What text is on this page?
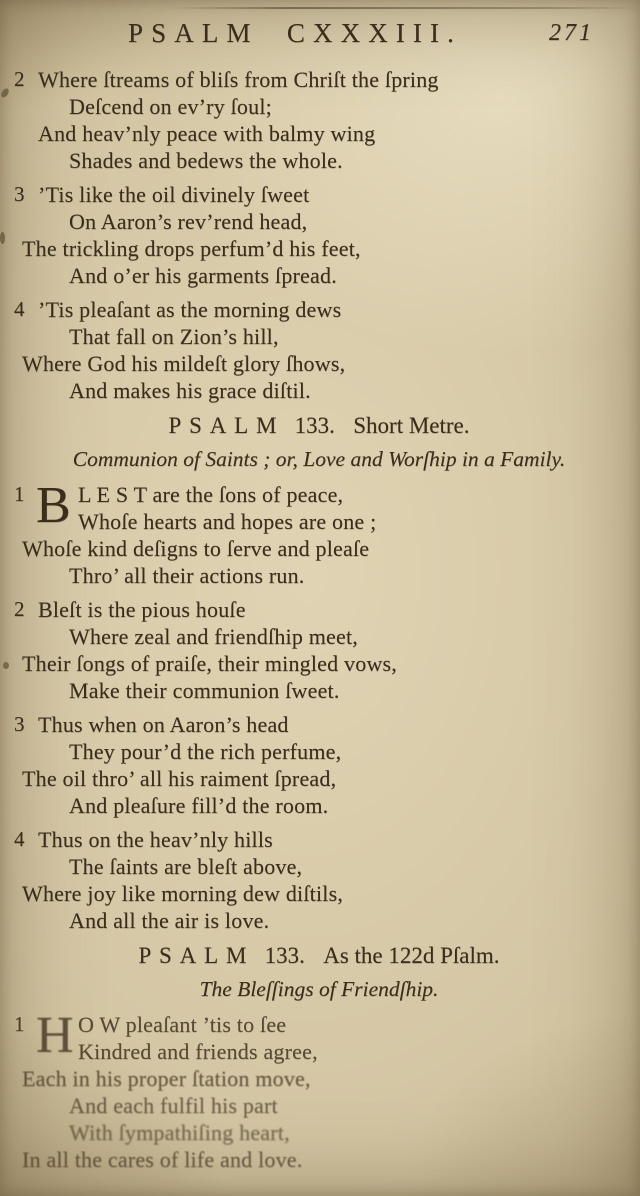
PSALM CXXXIII.	271
2 Where ſtreams of bliſs from Chriſt the ſpring
Deſcend on ev’ry ſoul;
And heav’nly peace with balmy wing
Shades and bedews the whole.
3 ’Tis like the oil divinely ſweet
On Aaron’s rev’rend head,
The trickling drops perfum’d his feet,
And o’er his garments ſpread.
4 ’Tis pleaſant as the morning dews
That fall on Zion’s hill,
Where God his mildeſt glory ſhows,
And makes his grace diſtil.
PSALM 133. Short Metre.
Communion of Saints ; or, Love and Worſhip in a Family.
1 B L E S T are the ſons of peace,
Whoſe hearts and hopes are one ;
Whoſe kind deſigns to ſerve and pleaſe
Thro’ all their actions run.
2 Bleſt is the pious houſe
Where zeal and friendſhip meet,
Their ſongs of praiſe, their mingled vows,
Make their communion ſweet.
3 Thus when on Aaron’s head
They pour’d the rich perfume,
The oil thro’ all his raiment ſpread,
And pleaſure fill’d the room.
4 Thus on the heav’nly hills
The ſaints are bleſt above,
Where joy like morning dew diſtils,
And all the air is love.
PSALM 133. As the 122d Pſalm.
The Bleſſings of Friendſhip.
1 H O W pleaſant ’tis to ſee
Kindred and friends agree,
Each in his proper ſtation move,
And each fulfil his part
With ſympathiſing heart,
In all the cares of life and love.
